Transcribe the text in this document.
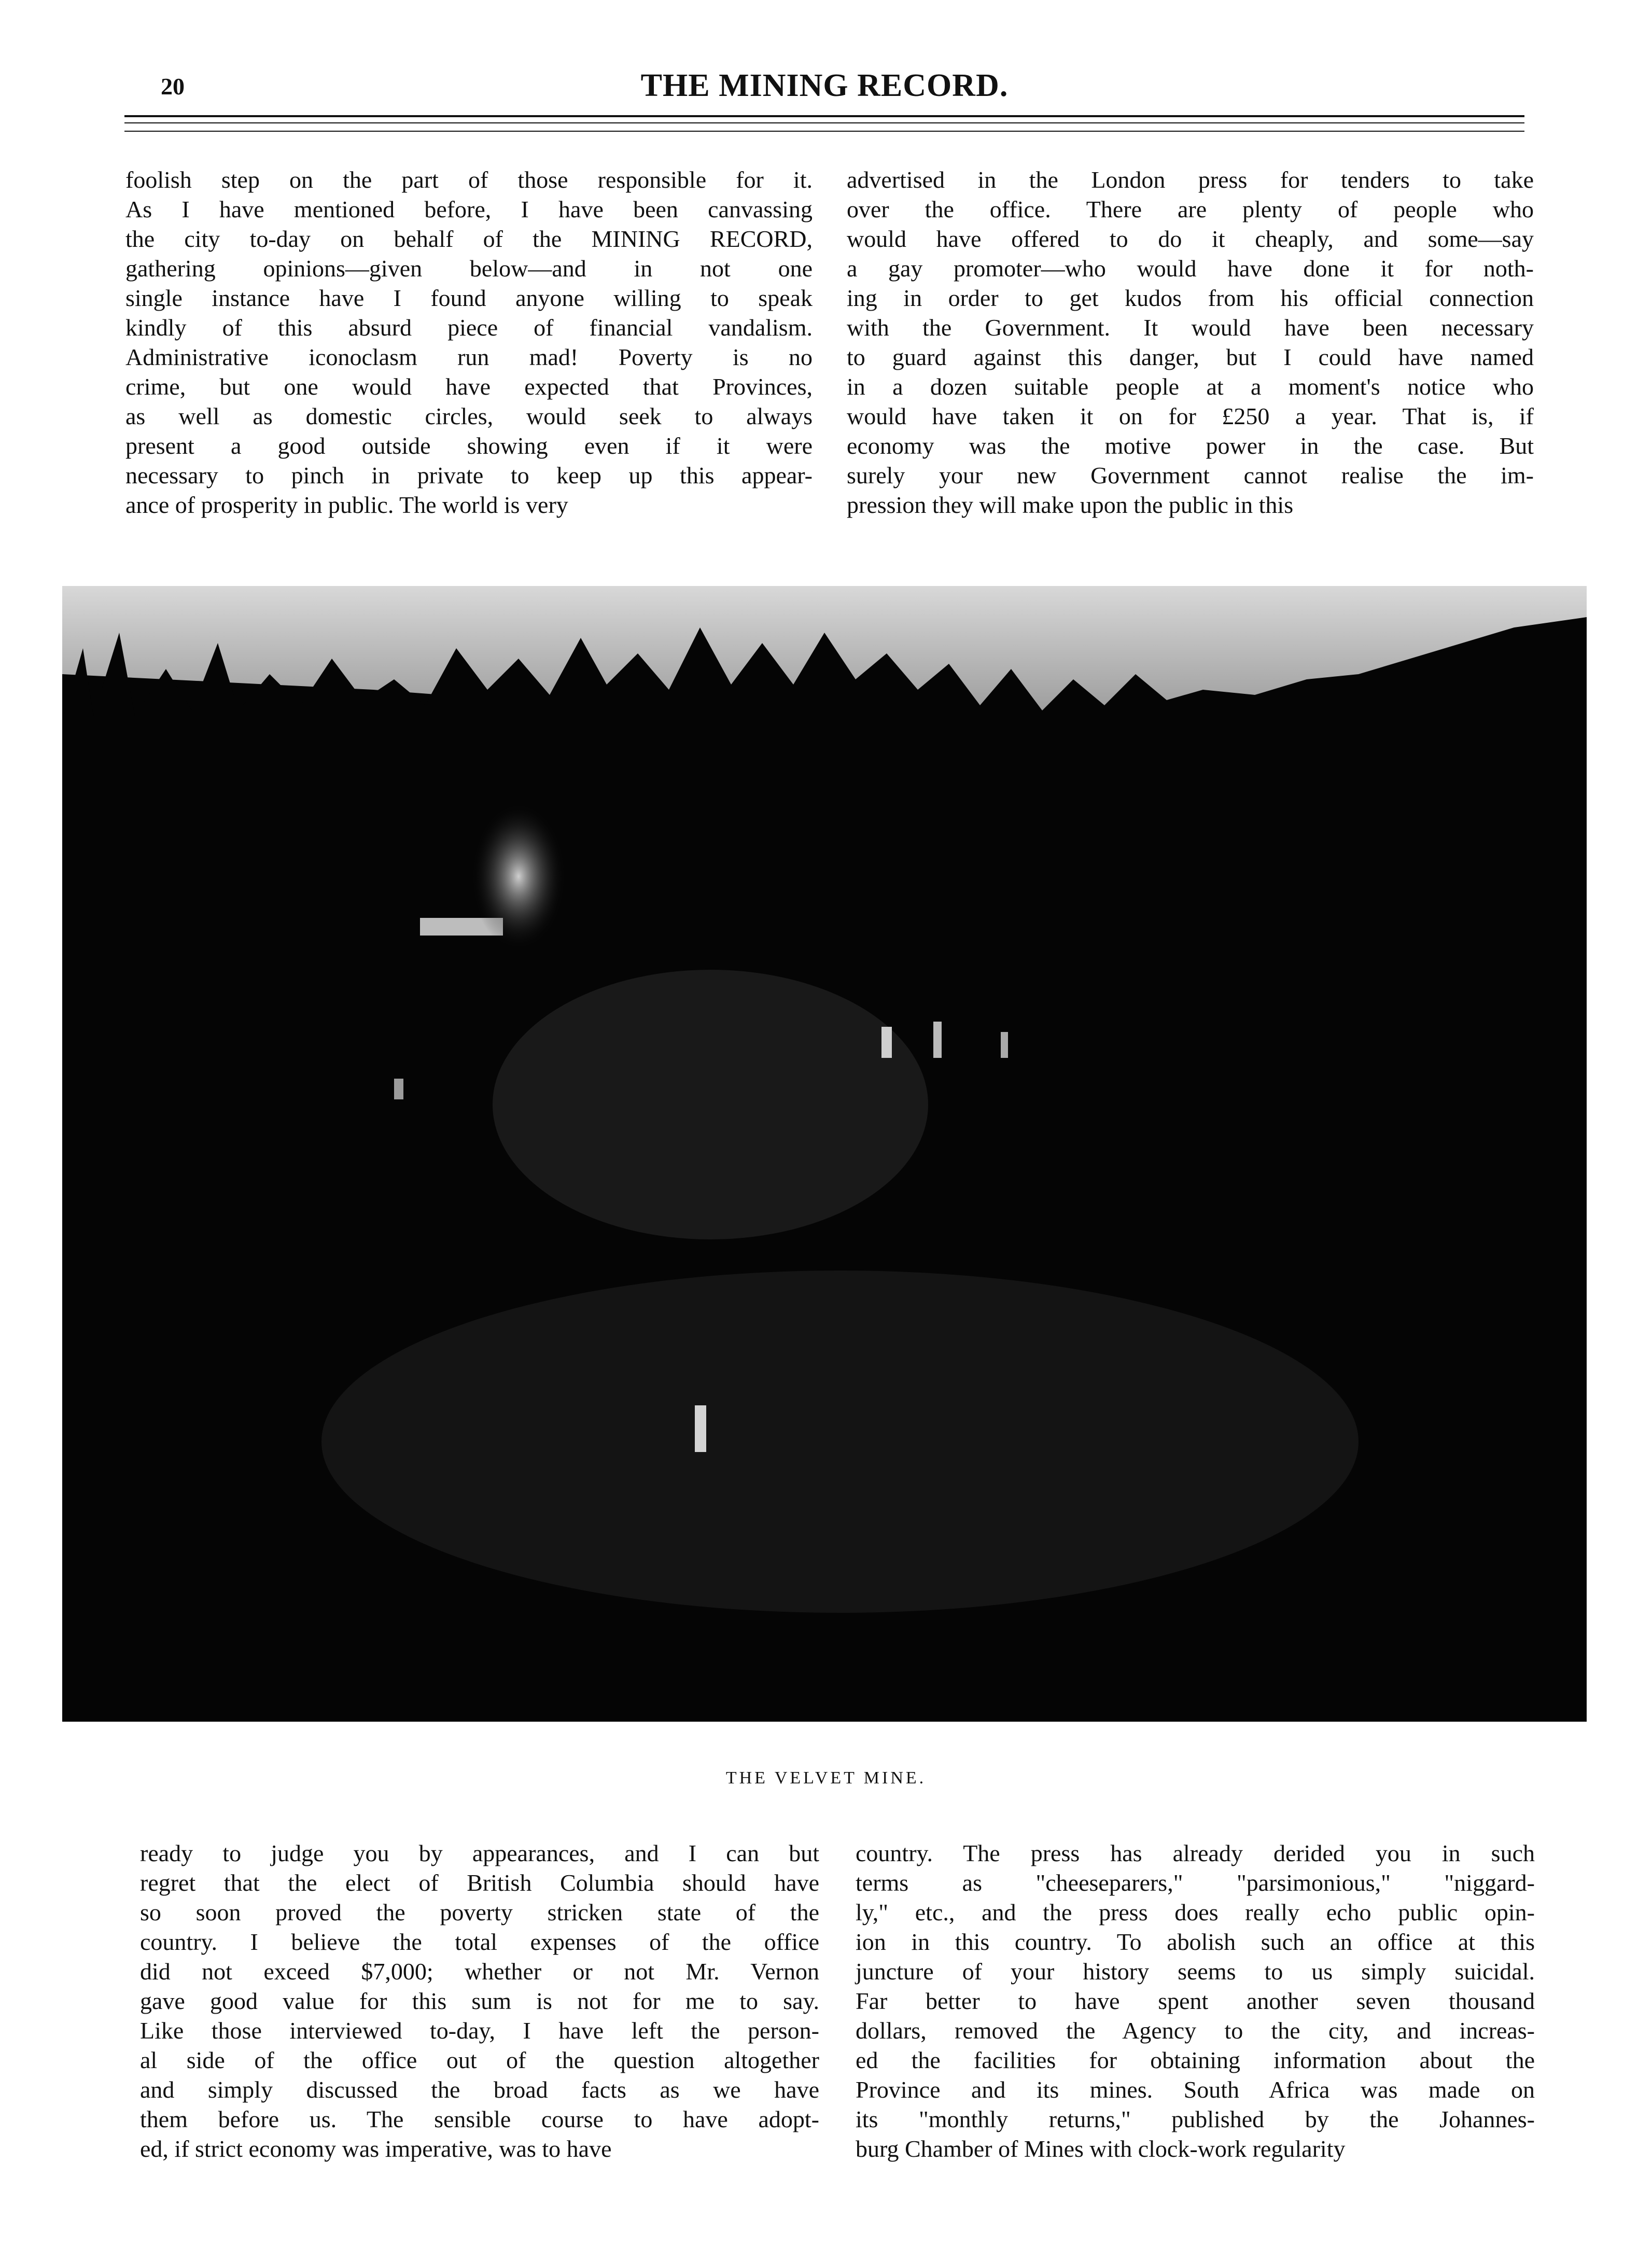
THE MINING RECORD.
20
foolish step on the part of those responsible for it.
As I have mentioned before, I have been canvassing
the city to-day on behalf of the MINING RECORD,
gathering opinions—given below—and in not one
single instance have I found anyone willing to speak
kindly of this absurd piece of financial vandalism.
Administrative iconoclasm run mad! Poverty is no
crime, but one would have expected that Provinces,
as well as domestic circles, would seek to always
present a good outside showing even if it were
necessary to pinch in private to keep up this appear-
ance of prosperity in public. The world is very
advertised in the London press for tenders to take
over the office. There are plenty of people who
would have offered to do it cheaply, and some—say
a gay promoter—who would have done it for noth-
ing in order to get kudos from his official connection
with the Government. It would have been necessary
to guard against this danger, but I could have named
in a dozen suitable people at a moment's notice who
would have taken it on for £250 a year. That is, if
economy was the motive power in the case. But
surely your new Government cannot realise the im-
pression they will make upon the public in this
THE VELVET MINE.
ready to judge you by appearances, and I can but
regret that the elect of British Columbia should have
so soon proved the poverty stricken state of the
country. I believe the total expenses of the office
did not exceed $7,000; whether or not Mr. Vernon
gave good value for this sum is not for me to say.
Like those interviewed to-day, I have left the person-
al side of the office out of the question altogether
and simply discussed the broad facts as we have
them before us. The sensible course to have adopt-
ed, if strict economy was imperative, was to have
country. The press has already derided you in such
terms as "cheeseparers," "parsimonious," "niggard-
ly," etc., and the press does really echo public opin-
ion in this country. To abolish such an office at this
juncture of your history seems to us simply suicidal.
Far better to have spent another seven thousand
dollars, removed the Agency to the city, and increas-
ed the facilities for obtaining information about the
Province and its mines. South Africa was made on
its "monthly returns," published by the Johannes-
burg Chamber of Mines with clock-work regularity
